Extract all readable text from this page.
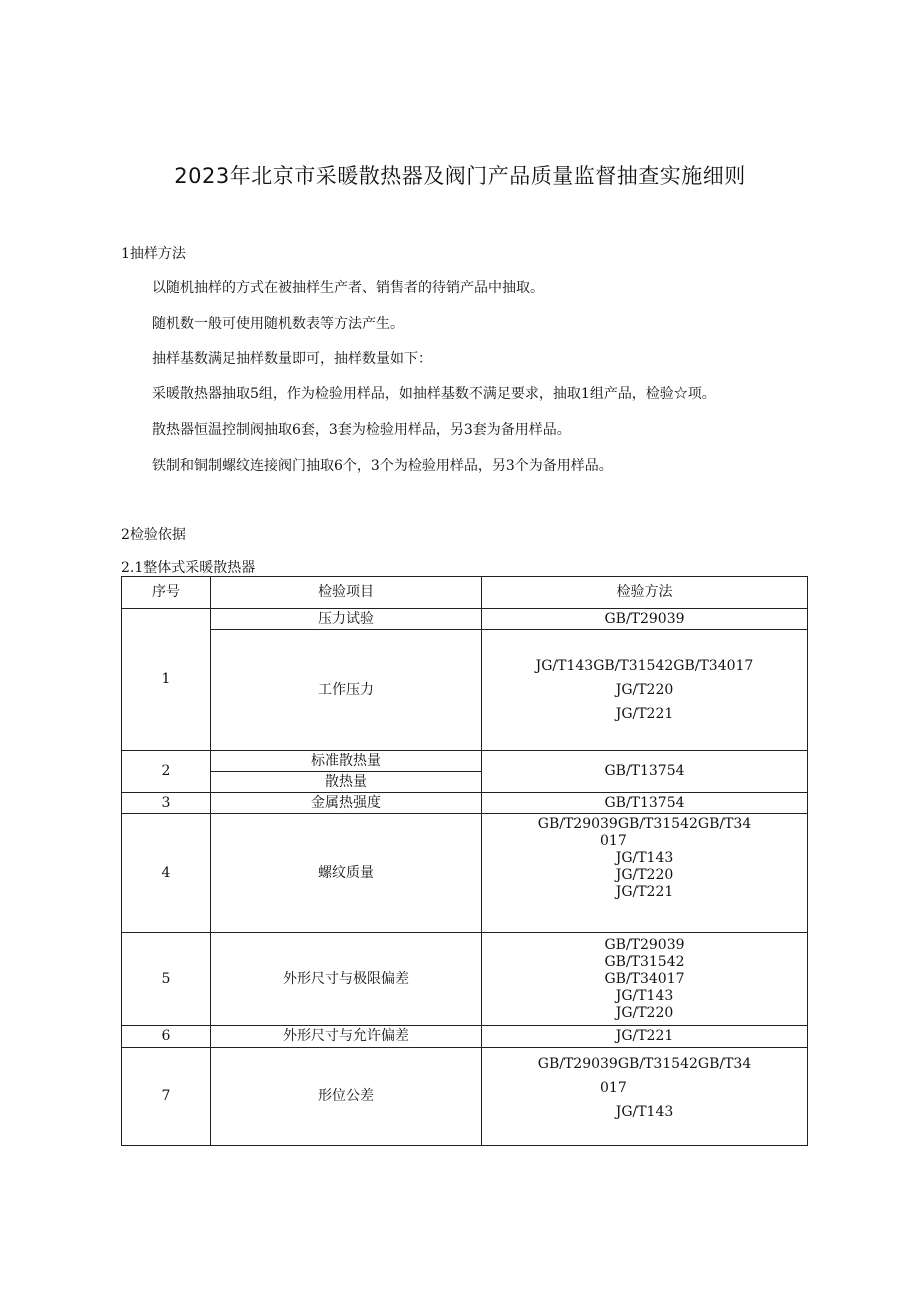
2023年北京市采暖散热器及阀门产品质量监督抽查实施细则
1抽样方法
以随机抽样的方式在被抽样生产者、销售者的待销产品中抽取。
随机数一般可使用随机数表等方法产生。
抽样基数满足抽样数量即可，抽样数量如下：
采暖散热器抽取5组，作为检验用样品，如抽样基数不满足要求，抽取1组产品，检验☆项。
散热器恒温控制阀抽取6套，3套为检验用样品，另3套为备用样品。
铁制和铜制螺纹连接阀门抽取6个，3个为检验用样品，另3个为备用样品。
2检验依据
2.1整体式采暖散热器
序号	检验项目	检验方法
1	压力试验	GB/T29039
	工作压力	JG/T143GB/T31542GB/T34017
JG/T220
JG/T221

2	标准散热量	GB/T13754
	散热量	
3	金属热强度	GB/T13754
4	螺纹质量	GB/T29039GB/T31542GB/T34
017
JG/T143
JG/T220
JG/T221

5	外形尺寸与极限偏差	GB/T29039
GB/T31542
GB/T34017
JG/T143
JG/T220

6	外形尺寸与允许偏差	JG/T221
7	形位公差	GB/T29039GB/T31542GB/T34
017
JG/T143
